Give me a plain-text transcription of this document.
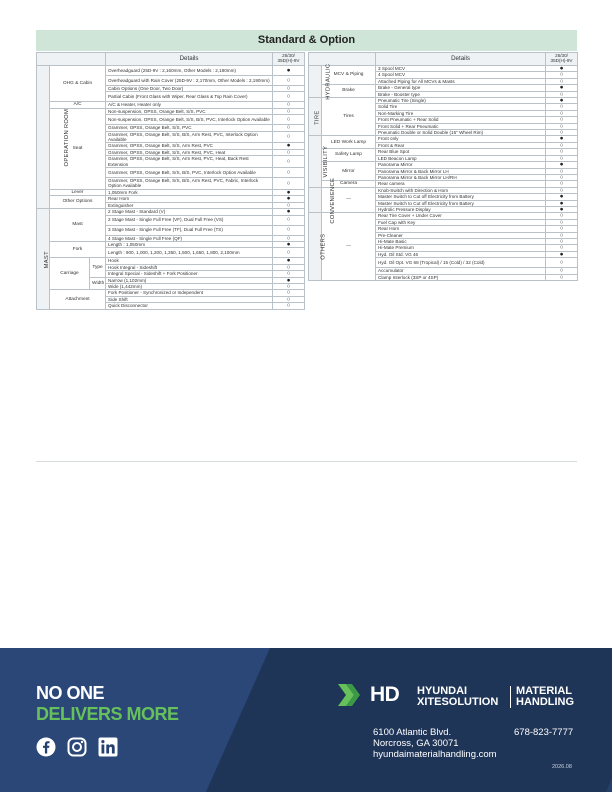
Standard & Option
			Details	25/30/ 35D(H)-9V
OPERATION ROOM	OHG & Cabin		Overheadguard (25D-9V : 2,160mm, Other Models : 2,180mm)	●
			Overheadguard with Rain Cover (25D-9V : 2,170mm, Other Models : 2,190mm)	○
			Cabin Options (One Door, Two Door)	○
			Partial Cabin (Front Glass with Wiper, Rear Glass & Top Rain Cover)	○
	A/C		A/C & Heater, Heater only	○
	Seat		Non-suspension, OPSS, Orange Belt, S/S, PVC	○
			Non-suspension, OPSS, Orange Belt, S/S, B/S, PVC, Interlock Option Available	○
			Grammer, OPSS, Orange Belt, S/S, PVC	○
			Grammer, OPSS, Orange Belt, S/S, B/S, Arm Rest, PVC, Interlock Option Available	○
			Grammer, OPSS, Orange Belt, S/S, Arm Rest, PVC	●
			Grammer, OPSS, Orange Belt, S/S, Arm Rest, PVC, Heat	○
			Grammer, OPSS, Orange Belt, S/S, Arm Rest, PVC, Heat, Back Rest Extension	○
			Grammer, OPSS, Orange Belt, S/S, B/S, PVC, Interlock Option Available	○
			Grammer, OPSS, Orange Belt, S/S, B/S, Arm Rest, PVC, Fabric, Interlock Option Available	○
	Lever		1,050mm Fork	●
	Other Options		Rear Horn	●
			Extinguisher	○
MAST	Mast		2 Stage Mast - Standard (V)	●
			2 Stage Mast - Single Full Free (VF), Dual Full Free (VS)	○
			3 Stage Mast - Single Full Free (TF), Dual Full Free (TS)	○
			4 Stage Mast - Single Full Free (QF)	○
	Fork		Length : 1,050mm	●
			Length : 900, 1,000, 1,200, 1,350, 1,500, 1,650, 1,800, 2,100mm	○
	Carriage	Type	Hook	●
			Hook Integral - Sideshift	○
			Integral Special - Sideshift + Fork Positioner	○
		Width	Narrow (1,102mm)	●
			Wide (1,442mm)	○
	Attachment		Fork Positioner - Synchronized or Independent	○
			Side Shift	○
			Quick Disconnector	○
		Details	25/30/ 35D(H)-9V
HYDRAULIC	MCV & Piping	3 Spool MCV	●
		4 Spool MCV	○
		Attached Piping for All MCVs & Masts	○
	Brake	Brake - General type	●
		Brake - Booster type	○
TIRE	Tires	Pneumatic Tire (Single)	●
		Solid Tire	○
		Non-Marking Tire	○
		Front Pneumatic + Rear Solid	○
		Front Solid + Rear Pneumatic	○
		Pneumatic Double or Solid Double (15" Wheel Rim)	○
VISIBILITY	LED Work Lamp	Front only	●
		Front & Rear	○
	Safety Lamp	Rear Blue Spot	○
		LED Beacon Lamp	○
	Mirror	Panorama Mirror	●
		Panorama Mirror & Back Mirror LH	○
		Panorama Mirror & Back Mirror LH/RH	○
	Camera	Rear camera	○
CONVENIENCE	—	Knob-Switch with Direction & Horn	○
		Master Switch to Cut off Electricity from Battery	●
		Master Switch to Cut off Electricity from Battery	●
		Hydrolic Pressure Display	●
OTHERS	—	Rear Tire Cover + Under Cover	○
		Fuel Cap with Key	○
		Rear Horn	○
		Pre-Cleaner	○
		Hi-Mate Basic	○
		Hi-Mate Premium	○
		Hyd. Oil Std. VG 46	●
		Hyd. Oil Opt. VG 68 (Tropical) / 15 (Cold) / 32 (Cold)	○
		Accumulator	○
		Clamp Interlock (3SP or 4SP)	○
NO ONE
DELIVERS MORE
HD HYUNDAI
XITESOLUTION
MATERIAL
HANDLING
6100 Atlantic Blvd.
Norcross, GA 30071
hyundaimaterialhandling.com
678-823-7777
2026.08
